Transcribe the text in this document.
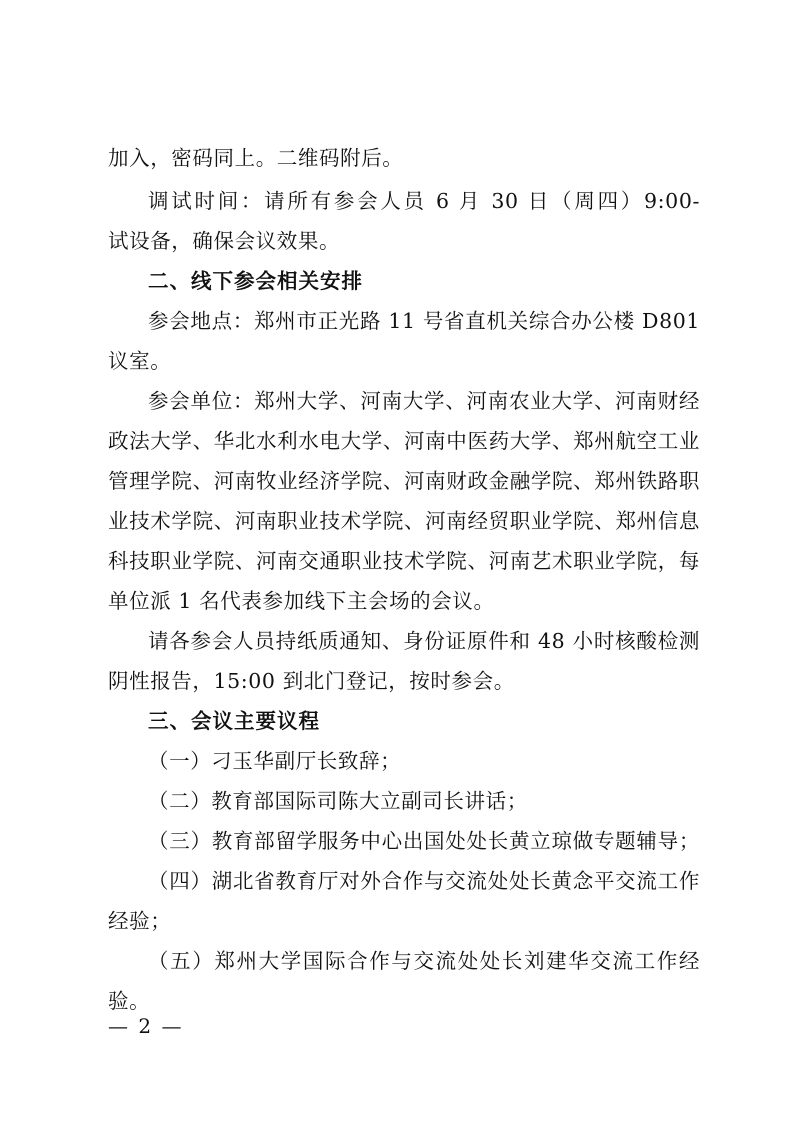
加入，密码同上。二维码附后。
调试时间：请所有参会人员 6 月 30 日（周四）9:00-
试设备，确保会议效果。
二、线下参会相关安排
参会地点：郑州市正光路 11 号省直机关综合办公楼 D801
议室。
参会单位：郑州大学、河南大学、河南农业大学、河南财经
政法大学、华北水利水电大学、河南中医药大学、郑州航空工业
管理学院、河南牧业经济学院、河南财政金融学院、郑州铁路职
业技术学院、河南职业技术学院、河南经贸职业学院、郑州信息
科技职业学院、河南交通职业技术学院、河南艺术职业学院，每
单位派 1 名代表参加线下主会场的会议。
请各参会人员持纸质通知、身份证原件和 48 小时核酸检测
阴性报告，15:00 到北门登记，按时参会。
三、会议主要议程
（一）刁玉华副厅长致辞；
（二）教育部国际司陈大立副司长讲话；
（三）教育部留学服务中心出国处处长黄立琼做专题辅导；
（四）湖北省教育厅对外合作与交流处处长黄念平交流工作
经验；
（五）郑州大学国际合作与交流处处长刘建华交流工作经
验。
— 2 —
